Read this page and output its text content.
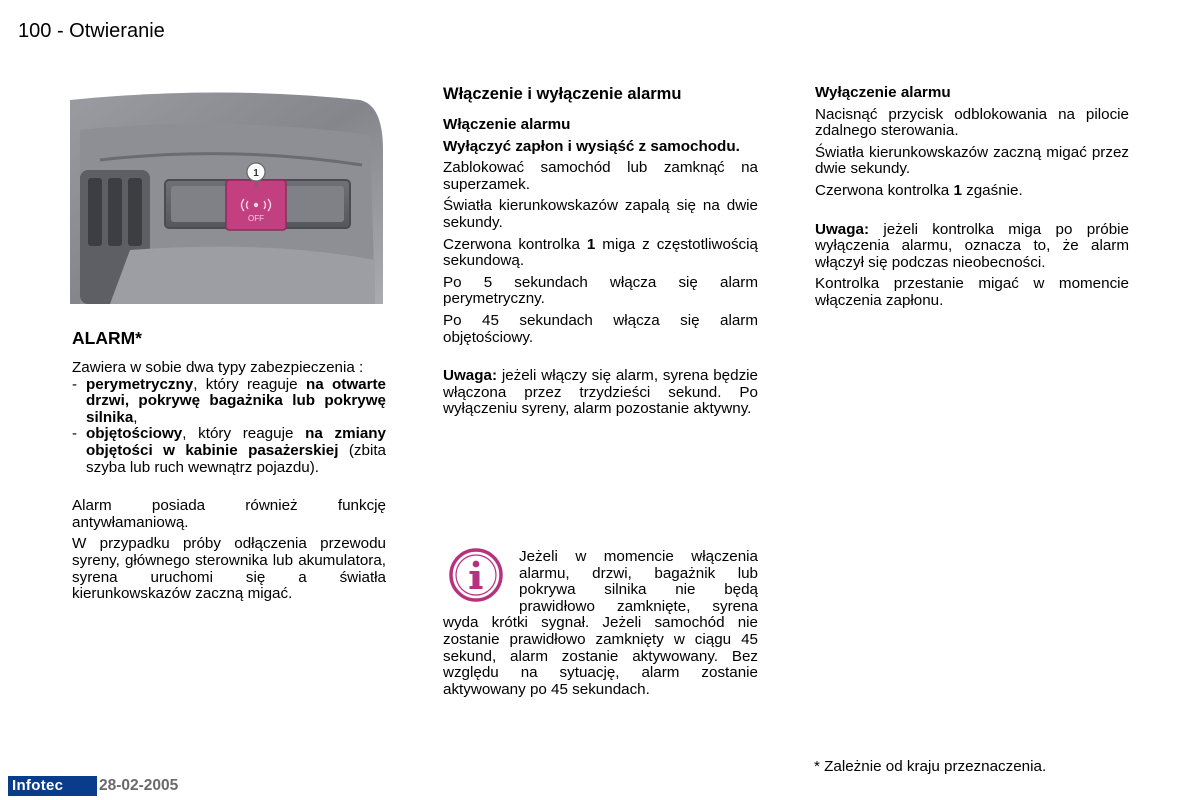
100 - Otwieranie
OFF
1
ALARM*

Zawiera w sobie dwa typy zabezpieczenia :

- perymetryczny, który reaguje na otwarte drzwi, pokrywę bagażnika lub pokrywę silnika,
- objętościowy, który reaguje na zmiany objętości w kabinie pasażerskiej (zbita szyba lub ruch wewnątrz pojazdu).

Alarm posiada również funkcję antywłamaniową.

W przypadku próby odłączenia przewodu syreny, głównego sterownika lub akumulatora, syrena uruchomi się a światła kierunkowskazów zaczną migać.

Włączenie i wyłączenie alarmu

Włączenie alarmu

Wyłączyć zapłon i wysiąść z samochodu.

Zablokować samochód lub zamknąć na superzamek.

Światła kierunkowskazów zapalą się na dwie sekundy.

Czerwona kontrolka 1 miga z częstotliwością sekundową.

Po 5 sekundach włącza się alarm perymetryczny.

Po 45 sekundach włącza się alarm objętościowy.

Uwaga: jeżeli włączy się alarm, syrena będzie włączona przez trzydzieści sekund. Po wyłączeniu syreny, alarm pozostanie aktywny.

Jeżeli w momencie włączenia alarmu, drzwi, bagażnik lub pokrywa silnika nie będą prawidłowo zamknięte, syrena wyda krótki sygnał. Jeżeli samochód nie zostanie prawidłowo zamknięty w ciągu 45 sekund, alarm zostanie aktywowany. Bez względu na sytuację, alarm zostanie aktywowany po 45 sekundach.

Wyłączenie alarmu

Nacisnąć przycisk odblokowania na pilocie zdalnego sterowania.

Światła kierunkowskazów zaczną migać przez dwie sekundy.

Czerwona kontrolka 1 zgaśnie.

Uwaga: jeżeli kontrolka miga po próbie wyłączenia alarmu, oznacza to, że alarm włączył się podczas nieobecności.

Kontrolka przestanie migać w momencie włączenia zapłonu.

* Zależnie od kraju przeznaczenia.
Infotec	28-02-2005
